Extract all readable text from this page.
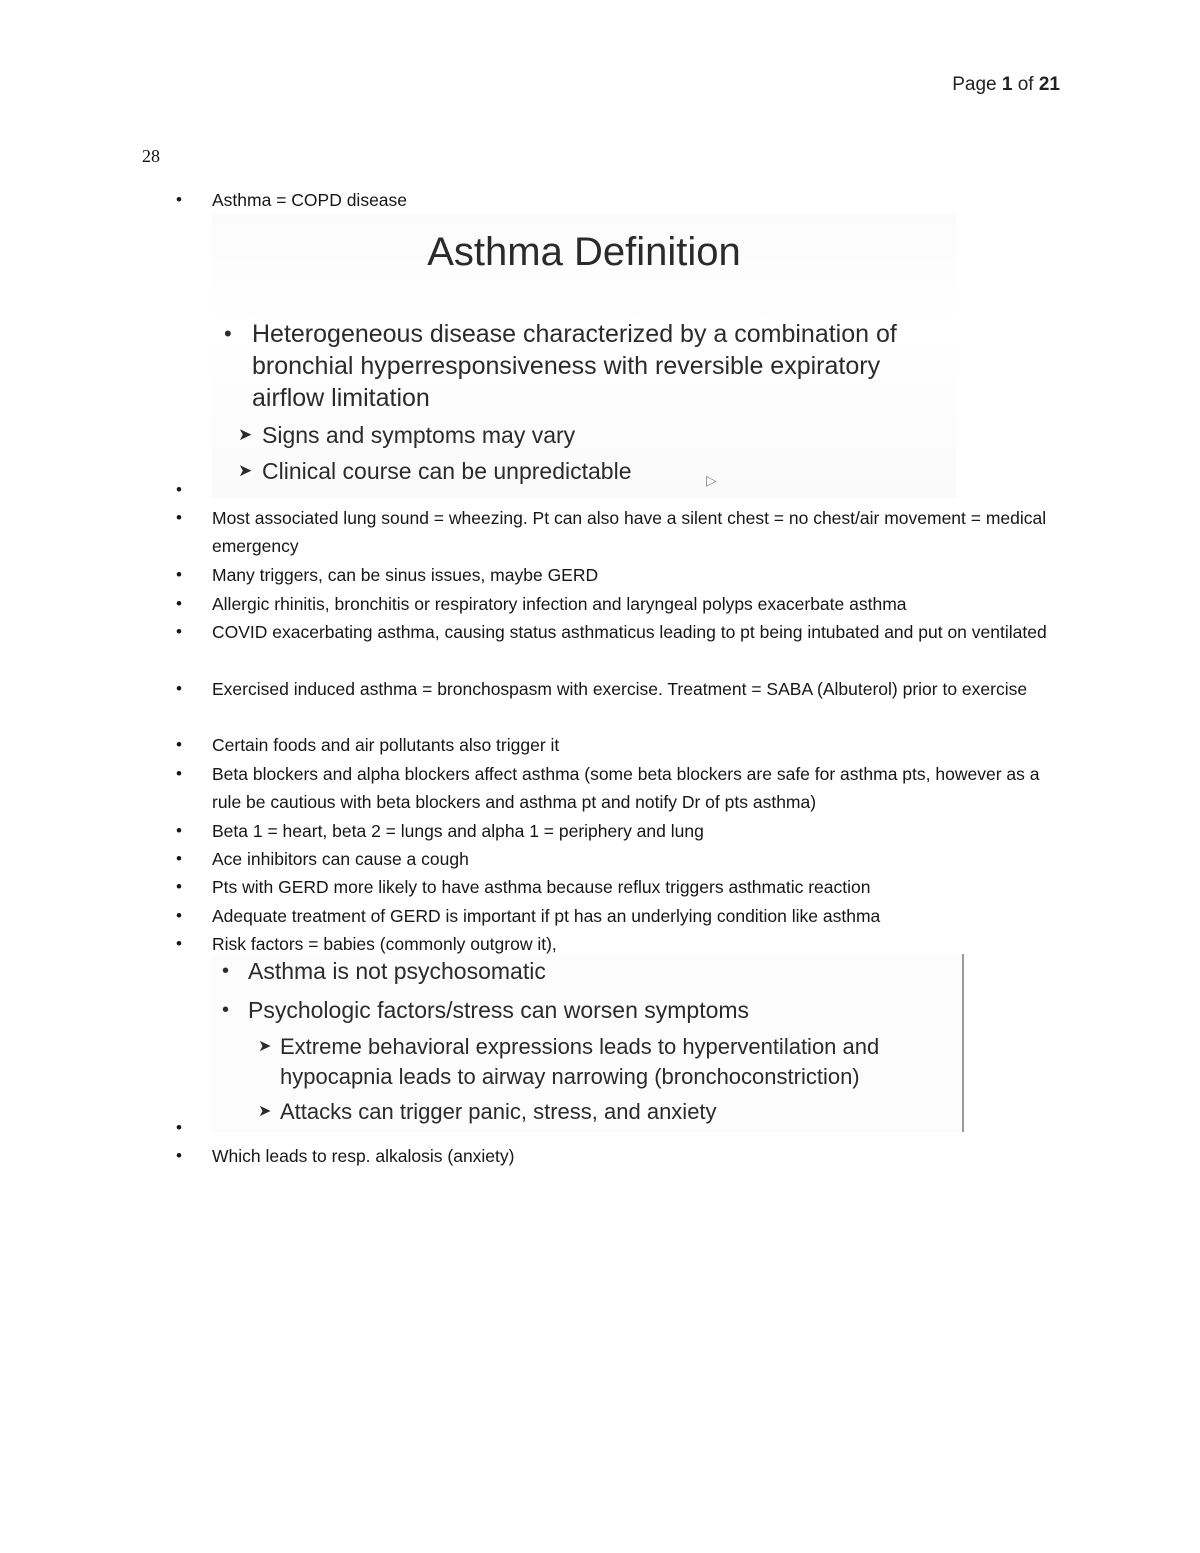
Page 1 of 21
28
• Asthma = COPD disease
Asthma Definition
• Heterogeneous disease characterized by a combination of bronchial hyperresponsiveness with reversible expiratory airflow limitation
➤ Signs and symptoms may vary
➤ Clinical course can be unpredictable	▷
•
• Most associated lung sound = wheezing. Pt can also have a silent chest = no chest/air movement = medical emergency
• Many triggers, can be sinus issues, maybe GERD
• Allergic rhinitis, bronchitis or respiratory infection and laryngeal polyps exacerbate asthma
• COVID exacerbating asthma, causing status asthmaticus leading to pt being intubated and put on ventilated
• Exercised induced asthma = bronchospasm with exercise. Treatment = SABA (Albuterol) prior to exercise
• Certain foods and air pollutants also trigger it
• Beta blockers and alpha blockers affect asthma (some beta blockers are safe for asthma pts, however as a rule be cautious with beta blockers and asthma pt and notify Dr of pts asthma)
• Beta 1 = heart, beta 2 = lungs and alpha 1 = periphery and lung
• Ace inhibitors can cause a cough
• Pts with GERD more likely to have asthma because reflux triggers asthmatic reaction
• Adequate treatment of GERD is important if pt has an underlying condition like asthma
• Risk factors = babies (commonly outgrow it),
• Asthma is not psychosomatic
• Psychologic factors/stress can worsen symptoms
➤ Extreme behavioral expressions leads to hyperventilation and hypocapnia leads to airway narrowing (bronchoconstriction)
➤ Attacks can trigger panic, stress, and anxiety
•
• Which leads to resp. alkalosis (anxiety)
